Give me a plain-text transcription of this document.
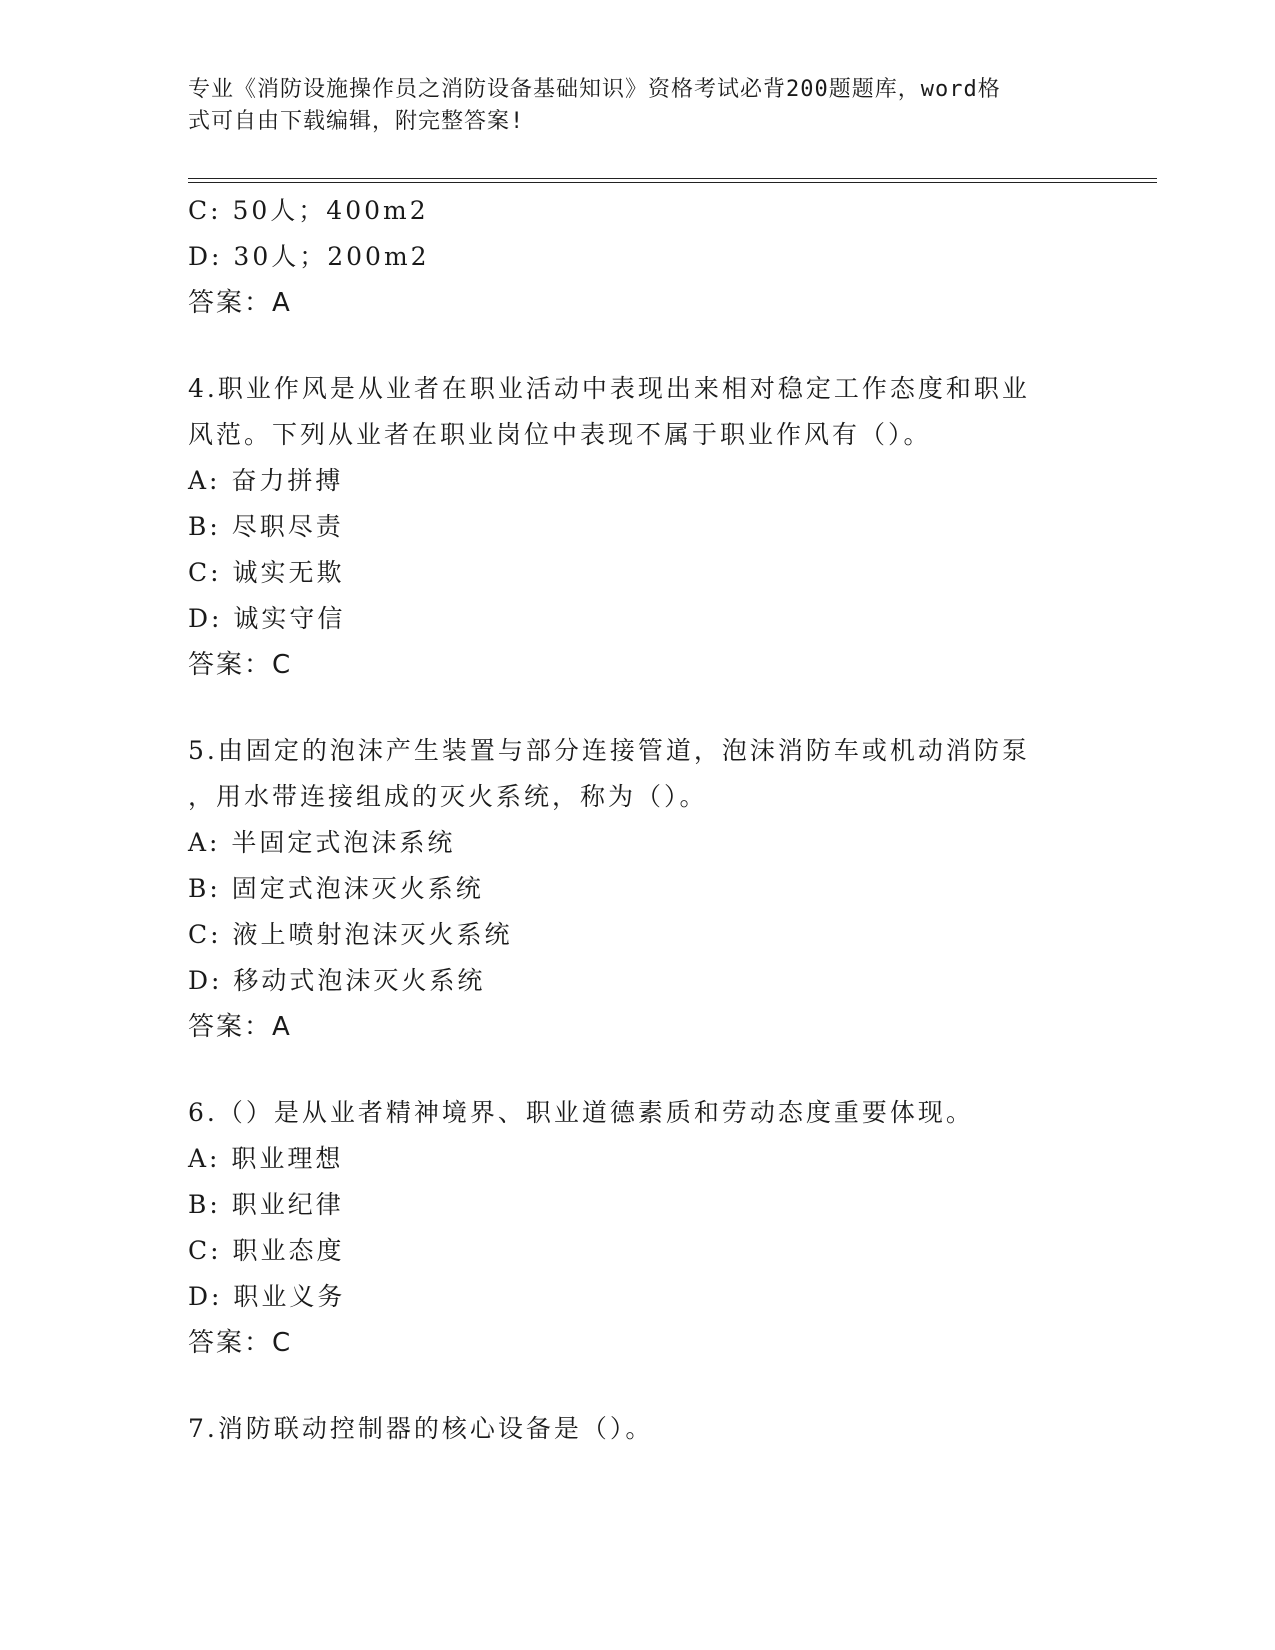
专业《消防设施操作员之消防设备基础知识》资格考试必背200题题库，word格
式可自由下载编辑，附完整答案!
C: 50人；400m2
D: 30人；200m2
答案：A
4.职业作风是从业者在职业活动中表现出来相对稳定工作态度和职业
风范。下列从业者在职业岗位中表现不属于职业作风有（）。
A: 奋力拼搏
B: 尽职尽责
C: 诚实无欺
D: 诚实守信
答案：C
5.由固定的泡沫产生装置与部分连接管道，泡沫消防车或机动消防泵
，用水带连接组成的灭火系统，称为（）。
A: 半固定式泡沫系统
B: 固定式泡沫灭火系统
C: 液上喷射泡沫灭火系统
D: 移动式泡沫灭火系统
答案：A
6.（）是从业者精神境界、职业道德素质和劳动态度重要体现。
A: 职业理想
B: 职业纪律
C: 职业态度
D: 职业义务
答案：C
7.消防联动控制器的核心设备是（）。
